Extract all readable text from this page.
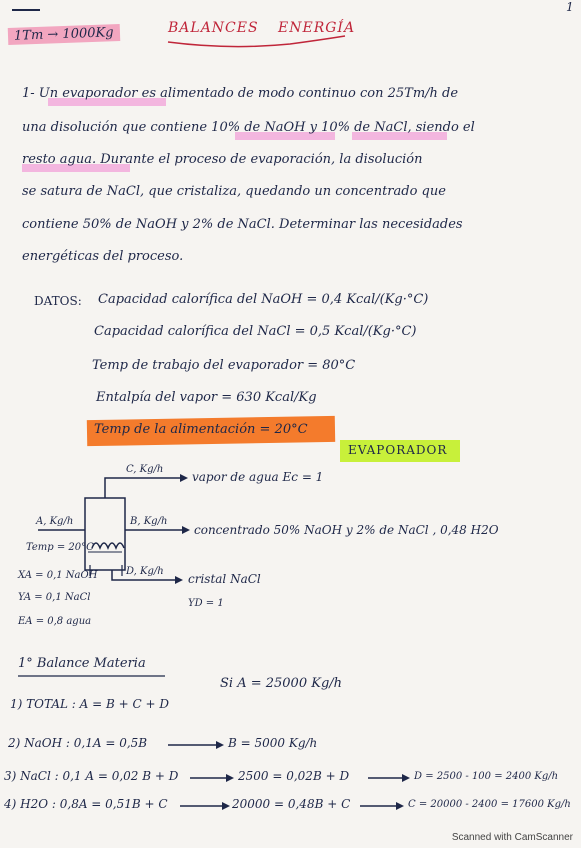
1Tm → 1000Kg	BALANCES ENERGÍA
1
1- Un evaporador es alimentado de modo continuo con 25Tm/h de
una disolución que contiene 10% de NaOH y 10% de NaCl, siendo el
resto agua. Durante el proceso de evaporación, la disolución
se satura de NaCl, que cristaliza, quedando un concentrado que
contiene 50% de NaOH y 2% de NaCl. Determinar las necesidades
energéticas del proceso.
DATOS: Capacidad calorífica del NaOH = 0,4 Kcal/(Kg·°C)
Capacidad calorífica del NaCl = 0,5 Kcal/(Kg·°C)
Temp de trabajo del evaporador = 80°C
Entalpía del vapor = 630 Kcal/Kg
Temp de la alimentación = 20°C
EVAPORADOR
C, Kg/h
vapor de agua Ec = 1
A, Kg/h
Temp = 20°C
B, Kg/h
concentrado 50% NaOH y 2% de NaCl , 0,48 H2O
D, Kg/h
cristal NaCl
YD = 1
XA = 0,1 NaOH
YA = 0,1 NaCl
EA = 0,8 agua
1° Balance Materia
Si A = 25000 Kg/h
1) TOTAL : A = B + C + D
2) NaOH : 0,1A = 0,5B	B = 5000 Kg/h
3) NaCl : 0,1 A = 0,02 B + D	2500 = 0,02B + D	D = 2500 - 100 = 2400 Kg/h
4) H2O : 0,8A = 0,51B + C	20000 = 0,48B + C	C = 20000 - 2400 = 17600 Kg/h
Scanned with CamScanner
